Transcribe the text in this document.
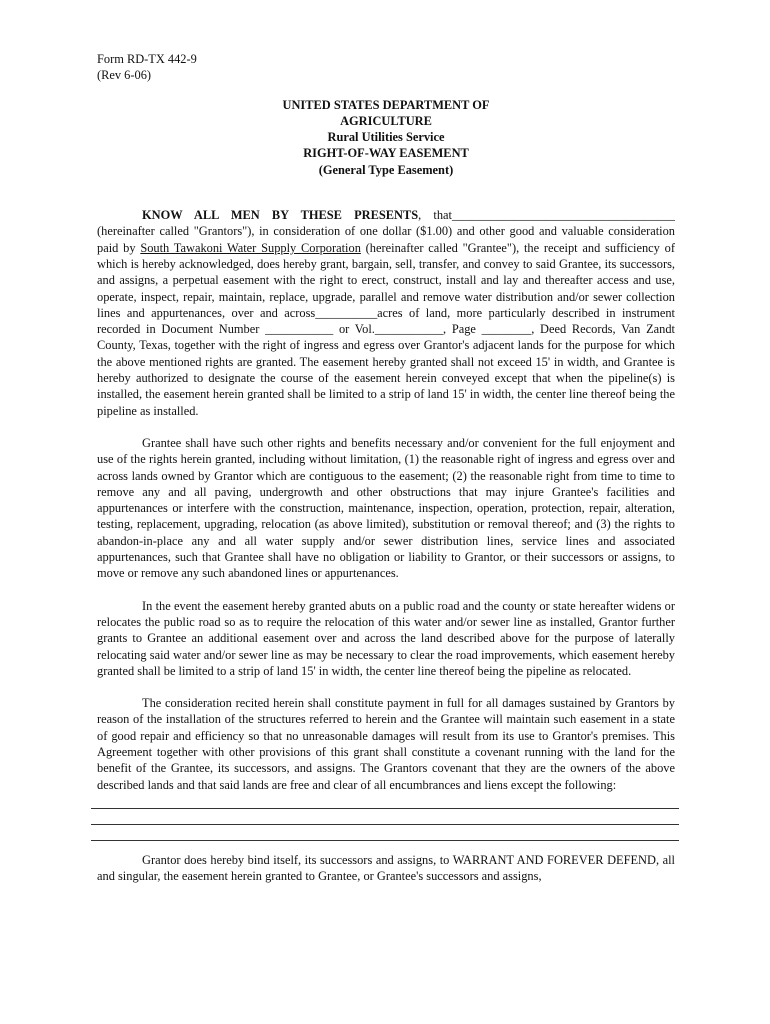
Form RD-TX 442-9
(Rev 6-06)
UNITED STATES DEPARTMENT OF
AGRICULTURE
Rural Utilities Service
RIGHT-OF-WAY EASEMENT
(General Type Easement)

KNOW ALL MEN BY THESE PRESENTS, that____________________________________ (hereinafter called "Grantors"), in consideration of one dollar ($1.00) and other good and valuable consideration paid by South Tawakoni Water Supply Corporation (hereinafter called "Grantee"), the receipt and sufficiency of which is hereby acknowledged, does hereby grant, bargain, sell, transfer, and convey to said Grantee, its successors, and assigns, a perpetual easement with the right to erect, construct, install and lay and thereafter access and use, operate, inspect, repair, maintain, replace, upgrade, parallel and remove water distribution and/or sewer collection lines and appurtenances, over and across__________acres of land, more particularly described in instrument recorded in Document Number ___________ or Vol.___________, Page ________, Deed Records, Van Zandt County, Texas, together with the right of ingress and egress over Grantor's adjacent lands for the purpose for which the above mentioned rights are granted. The easement hereby granted shall not exceed 15' in width, and Grantee is hereby authorized to designate the course of the easement herein conveyed except that when the pipeline(s) is installed, the easement herein granted shall be limited to a strip of land 15' in width, the center line thereof being the pipeline as installed.

Grantee shall have such other rights and benefits necessary and/or convenient for the full enjoyment and use of the rights herein granted, including without limitation, (1) the reasonable right of ingress and egress over and across lands owned by Grantor which are contiguous to the easement; (2) the reasonable right from time to time to remove any and all paving, undergrowth and other obstructions that may injure Grantee's facilities and appurtenances or interfere with the construction, maintenance, inspection, operation, protection, repair, alteration, testing, replacement, upgrading, relocation (as above limited), substitution or removal thereof; and (3) the rights to abandon-in-place any and all water supply and/or sewer distribution lines, service lines and associated appurtenances, such that Grantee shall have no obligation or liability to Grantor, or their successors or assigns, to move or remove any such abandoned lines or appurtenances.

In the event the easement hereby granted abuts on a public road and the county or state hereafter widens or relocates the public road so as to require the relocation of this water and/or sewer line as installed, Grantor further grants to Grantee an additional easement over and across the land described above for the purpose of laterally relocating said water and/or sewer line as may be necessary to clear the road improvements, which easement hereby granted shall be limited to a strip of land 15' in width, the center line thereof being the pipeline as relocated.

The consideration recited herein shall constitute payment in full for all damages sustained by Grantors by reason of the installation of the structures referred to herein and the Grantee will maintain such easement in a state of good repair and efficiency so that no unreasonable damages will result from its use to Grantor's premises. This Agreement together with other provisions of this grant shall constitute a covenant running with the land for the benefit of the Grantee, its successors, and assigns. The Grantors covenant that they are the owners of the above described lands and that said lands are free and clear of all encumbrances and liens except the following:

Grantor does hereby bind itself, its successors and assigns, to WARRANT AND FOREVER DEFEND, all and singular, the easement herein granted to Grantee, or Grantee's successors and assigns,
